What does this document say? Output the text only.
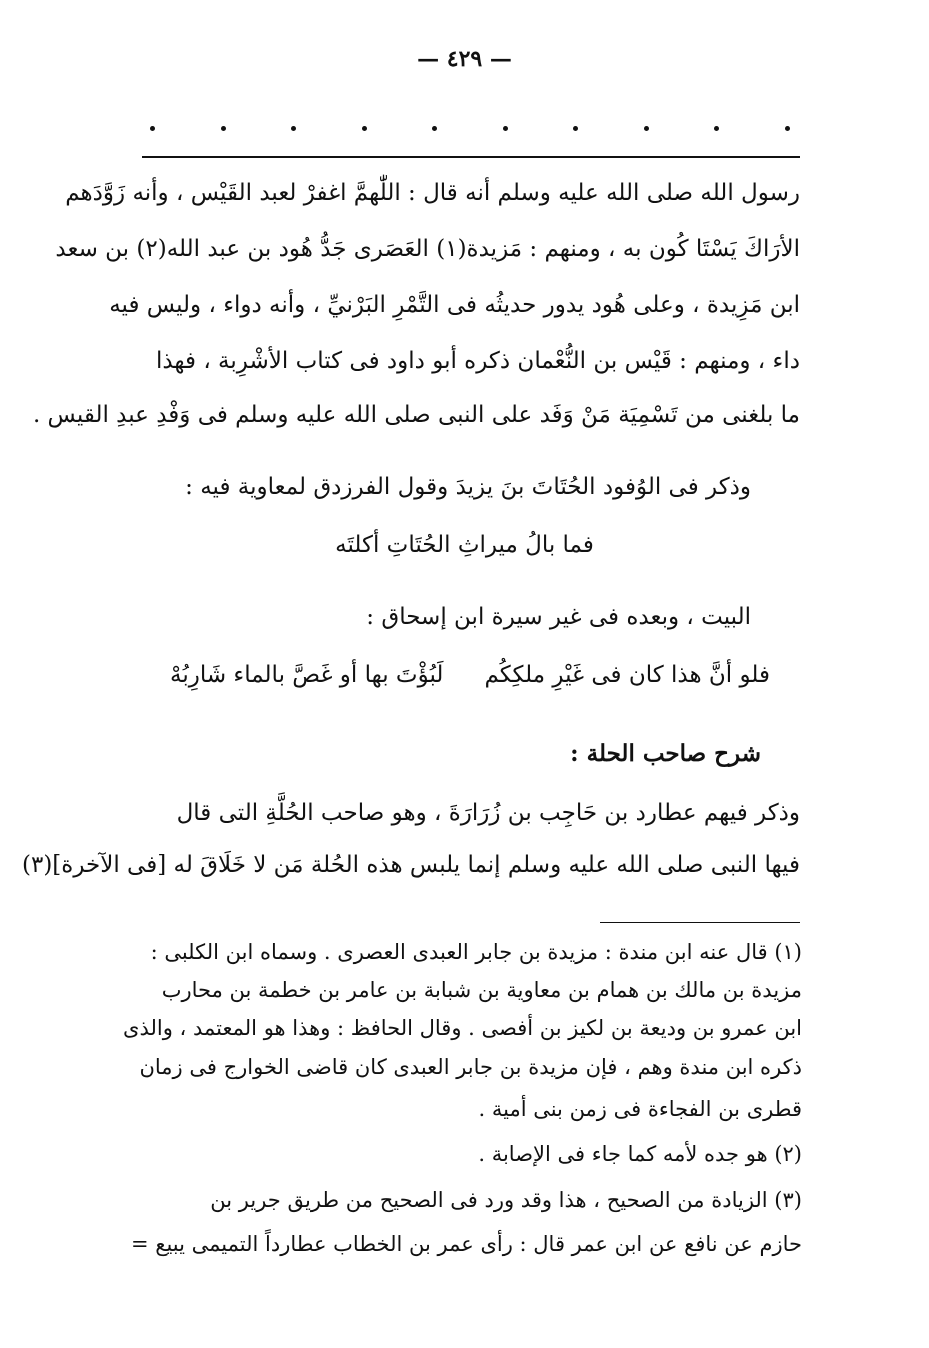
— ٤٢٩ —
رسول الله صلى الله عليه وسلم أنه قال : اللّٰهمَّ اغفرْ لعبد القَيْس ، وأنه زَوَّدَهم
الأرَاكَ يَسْتَا كُون به ، ومنهم : مَزيدة(١) العَصَرى جَدُّ هُود بن عبد الله(٢) بن سعد
ابن مَزِيدة ، وعلى هُود يدور حديثُه فى التَّمْرِ البَرْنيِّ ، وأنه دواء ، وليس فيه
داء ، ومنهم : قَيْس بن النُّعْمان ذكره أبو داود فى كتاب الأشْرِبة ، فهذا
ما بلغنى من تَسْمِيَة مَنْ وَفَد على النبى صلى الله عليه وسلم فى وَفْدِ عبدِ القيس .
وذكر فى الوُفود الحُتَاتَ بنَ يزيدَ وقول الفرزدق لمعاوية فيه :
فما بالُ ميراثِ الحُتَاتِ أكلتَه
البيت ، وبعده فى غير سيرة ابن إسحاق :
فلو أنَّ هذا كان فى غَيْرِ ملكِكُم
لَبُؤْتَ بها أو غَصَّ بالماء شَارِبُهْ
شرح صاحب الحلة :
وذكر فيهم عطارد بن حَاجِب بن زُرَارَةَ ، وهو صاحب الحُلَّةِ التى قال
فيها النبى صلى الله عليه وسلم إنما يلبس هذه الحُلة مَن لا خَلَاقَ له [فى الآخرة](٣)
(١) قال عنه ابن مندة : مزيدة بن جابر العبدى العصرى . وسماه ابن الكلبى :
مزيدة بن مالك بن همام بن معاوية بن شبابة بن عامر بن خطمة بن محارب
ابن عمرو بن وديعة بن لكيز بن أفصى . وقال الحافظ : وهذا هو المعتمد ، والذى
ذكره ابن مندة وهم ، فإن مزيدة بن جابر العبدى كان قاضى الخوارج فى زمان
قطرى بن الفجاءة فى زمن بنى أمية .
(٢) هو جده لأمه كما جاء فى الإصابة .
(٣) الزيادة من الصحيح ، هذا وقد ورد فى الصحيح من طريق جرير بن
حازم عن نافع عن ابن عمر قال : رأى عمر بن الخطاب عطارداً التميمى يبيع =
